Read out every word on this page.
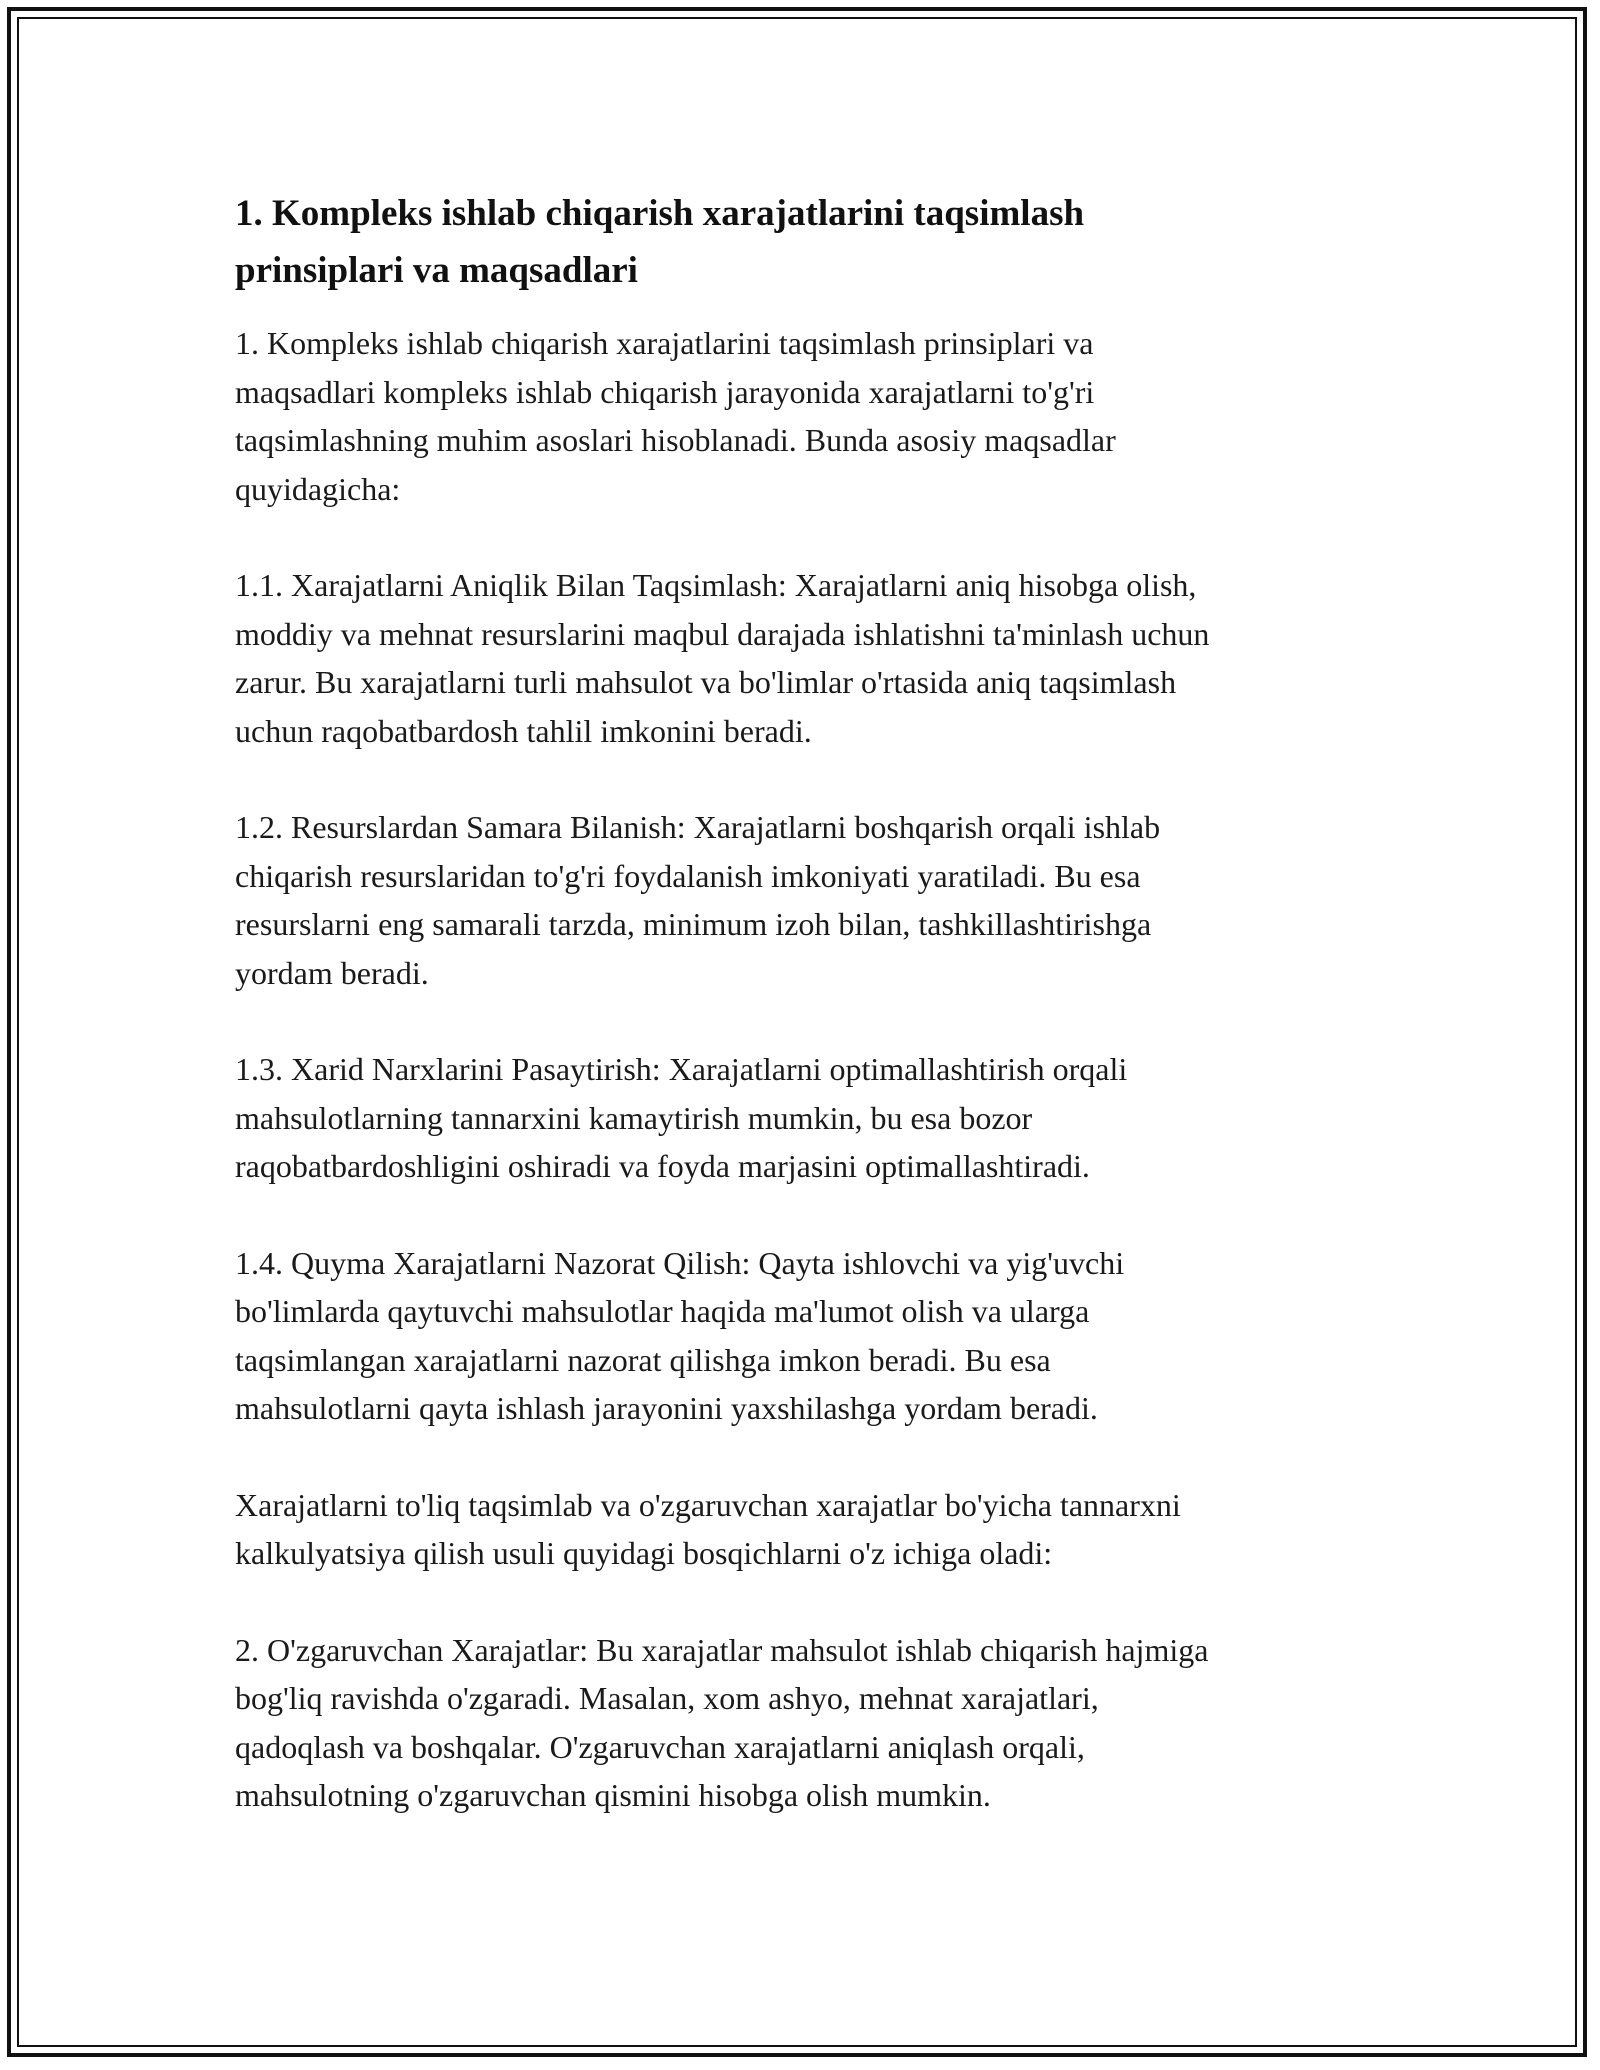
1. Kompleks ishlab chiqarish xarajatlarini taqsimlash
prinsiplari va maqsadlari

1. Kompleks ishlab chiqarish xarajatlarini taqsimlash prinsiplari va
maqsadlari kompleks ishlab chiqarish jarayonida xarajatlarni to'g'ri
taqsimlashning muhim asoslari hisoblanadi. Bunda asosiy maqsadlar
quyidagicha:

1.1. Xarajatlarni Aniqlik Bilan Taqsimlash: Xarajatlarni aniq hisobga olish,
moddiy va mehnat resurslarini maqbul darajada ishlatishni ta'minlash uchun
zarur. Bu xarajatlarni turli mahsulot va bo'limlar o'rtasida aniq taqsimlash
uchun raqobatbardosh tahlil imkonini beradi.

1.2. Resurslardan Samara Bilanish: Xarajatlarni boshqarish orqali ishlab
chiqarish resurslaridan to'g'ri foydalanish imkoniyati yaratiladi. Bu esa
resurslarni eng samarali tarzda, minimum izoh bilan, tashkillashtirishga
yordam beradi.

1.3. Xarid Narxlarini Pasaytirish: Xarajatlarni optimallashtirish orqali
mahsulotlarning tannarxini kamaytirish mumkin, bu esa bozor
raqobatbardoshligini oshiradi va foyda marjasini optimallashtiradi.

1.4. Quyma Xarajatlarni Nazorat Qilish: Qayta ishlovchi va yig'uvchi
bo'limlarda qaytuvchi mahsulotlar haqida ma'lumot olish va ularga
taqsimlangan xarajatlarni nazorat qilishga imkon beradi. Bu esa
mahsulotlarni qayta ishlash jarayonini yaxshilashga yordam beradi.

Xarajatlarni to'liq taqsimlab va o'zgaruvchan xarajatlar bo'yicha tannarxni
kalkulyatsiya qilish usuli quyidagi bosqichlarni o'z ichiga oladi:

2. O'zgaruvchan Xarajatlar: Bu xarajatlar mahsulot ishlab chiqarish hajmiga
bog'liq ravishda o'zgaradi. Masalan, xom ashyo, mehnat xarajatlari,
qadoqlash va boshqalar. O'zgaruvchan xarajatlarni aniqlash orqali,
mahsulotning o'zgaruvchan qismini hisobga olish mumkin.
